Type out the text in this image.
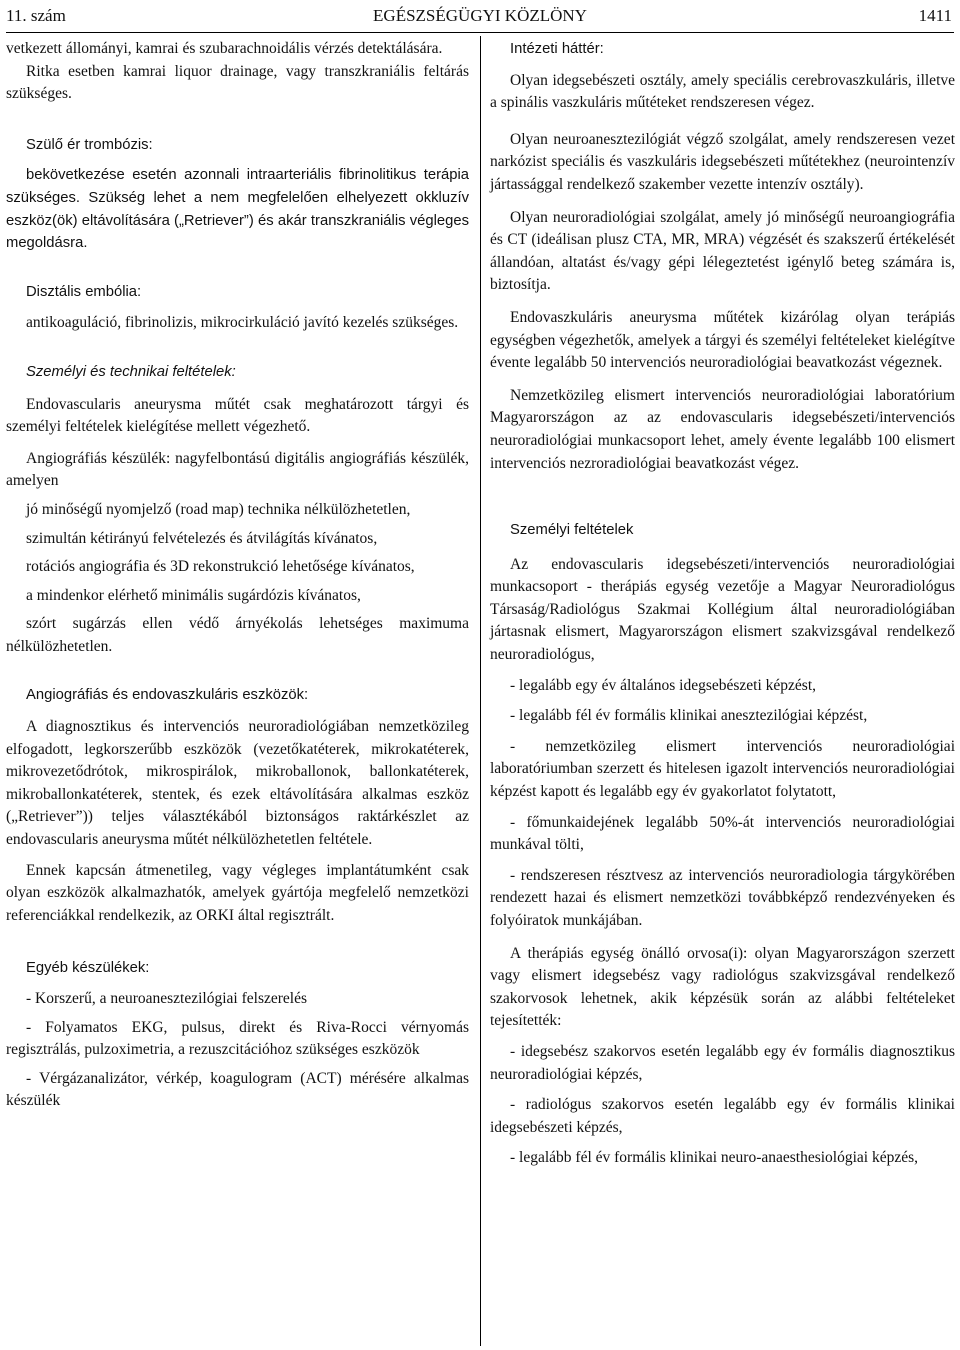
11. szám	EGÉSZSÉGÜGYI KÖZLÖNY	1411

vetkezett állományi, kamrai és szubarachnoidális vérzés detektálására.

Ritka esetben kamrai liquor drainage, vagy transzkraniális feltárás szükséges.

Szülő ér trombózis:

bekövetkezése esetén azonnali intraarteriális fibrinolitikus terápia szükséges. Szükség lehet a nem megfelelően elhelyezett okkluzív eszköz(ök) eltávolítására („Retriever”) és akár transzkraniális végleges megoldásra.

Disztális embólia:

antikoaguláció, fibrinolizis, mikrocirkuláció javító kezelés szükséges.

Személyi és technikai feltételek:

Endovascularis aneurysma műtét csak meghatározott tárgyi és személyi feltételek kielégítése mellett végezhető.

Angiográfiás készülék: nagyfelbontású digitális angiográfiás készülék, amelyen

jó minőségű nyomjelző (road map) technika nélkülözhetetlen,

szimultán kétirányú felvételezés és átvilágítás kívánatos,

rotációs angiográfia és 3D rekonstrukció lehetősége kívánatos,

a mindenkor elérhető minimális sugárdózis kívánatos,

szórt sugárzás ellen védő árnyékolás lehetséges maximuma nélkülözhetetlen.

Angiográfiás és endovaszkuláris eszközök:

A diagnosztikus és intervenciós neuroradiológiában nemzetközileg elfogadott, legkorszerűbb eszközök (vezetőkatéterek, mikrokatéterek, mikrovezetődrótok, mikrospirálok, mikroballonok, ballonkatéterek, mikroballonkatéterek, stentek, és ezek eltávolítására alkalmas eszköz („Retriever”)) teljes választékából biztonságos raktárkészlet az endovascularis aneurysma műtét nélkülözhetetlen feltétele.

Ennek kapcsán átmenetileg, vagy végleges implantátumként csak olyan eszközök alkalmazhatók, amelyek gyártója megfelelő nemzetközi referenciákkal rendelkezik, az ORKI által regisztrált.

Egyéb készülékek:

- Korszerű, a neuroanesztezilógiai felszerelés

- Folyamatos EKG, pulsus, direkt és Riva-Rocci vérnyomás regisztrálás, pulzoximetria, a rezuszcitációhoz szükséges eszközök

- Vérgázanalizátor, vérkép, koagulogram (ACT) mérésére alkalmas készülék

Intézeti háttér:

Olyan idegsebészeti osztály, amely speciális cerebrovaszkuláris, illetve a spinális vaszkuláris műtéteket rendszeresen végez.

Olyan neuroanesztezilógiát végző szolgálat, amely rendszeresen vezet narkózist speciális és vaszkuláris idegsebészeti műtétekhez (neurointenzív jártassággal rendelkező szakember vezette intenzív osztály).

Olyan neuroradiológiai szolgálat, amely jó minőségű neuroangiográfia és CT (ideálisan plusz CTA, MR, MRA) végzését és szakszerű értékelését állandóan, altatást és/vagy gépi lélegeztetést igénylő beteg számára is, biztosítja.

Endovaszkuláris aneurysma műtétek kizárólag olyan terápiás egységben végezhetők, amelyek a tárgyi és személyi feltételeket kielégítve évente legalább 50 intervenciós neuroradiológiai beavatkozást végeznek.

Nemzetközileg elismert intervenciós neuroradiológiai laboratórium Magyarországon az az endovascularis idegsebészeti/intervenciós neuroradiológiai munkacsoport lehet, amely évente legalább 100 elismert intervenciós nezroradiológiai beavatkozást végez.

Személyi feltételek

Az endovascularis idegsebészeti/intervenciós neuroradiológiai munkacsoport - therápiás egység vezetője a Magyar Neuroradiológus Társaság/Radiológus Szakmai Kollégium által neuroradiológiában jártasnak elismert, Magyarországon elismert szakvizsgával rendelkező neuroradiológus,

- legalább egy év általános idegsebészeti képzést,

- legalább fél év formális klinikai anesztezilógiai képzést,

- nemzetközileg elismert intervenciós neuroradiológiai laboratóriumban szerzett és hitelesen igazolt intervenciós neuroradiológiai képzést kapott és legalább egy év gyakorlatot folytatott,

- főmunkaidejének legalább 50%-át intervenciós neuroradiológiai munkával tölti,

- rendszeresen résztvesz az intervenciós neuroradiologia tárgykörében rendezett hazai és elismert nemzetközi továbbképző rendezvényeken és folyóiratok munkájában.

A therápiás egység önálló orvosa(i): olyan Magyarországon szerzett vagy elismert idegsebész vagy radiológus szakvizsgával rendelkező szakorvosok lehetnek, akik képzésük során az alábbi feltételeket tejesítették:

- idegsebész szakorvos esetén legalább egy év formális diagnosztikus neuroradiológiai képzés,

- radiológus szakorvos esetén legalább egy év formális klinikai idegsebészeti képzés,

- legalább fél év formális klinikai neuro-anaesthesiológiai képzés,
